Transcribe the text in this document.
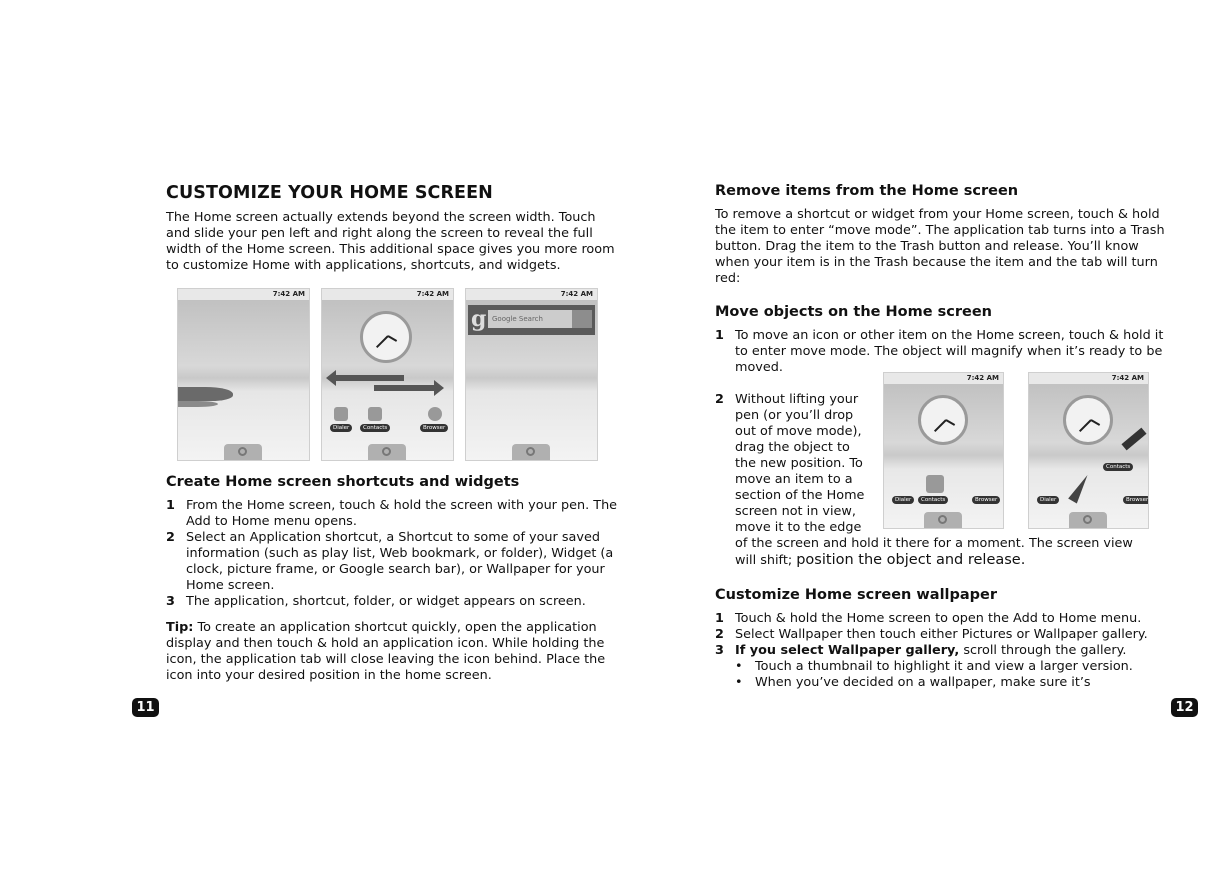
CUSTOMIZE YOUR HOME SCREEN

The Home screen actually extends beyond the screen width. Touch and slide your pen left and right along the screen to reveal the full width of the Home screen. This additional space gives you more room to customize Home with applications, shortcuts, and widgets.

7:42 AM	7:42 AM
Dialer	Contacts	Browser
7:42 AM
g Google Search
Create Home screen shortcuts and widgets
1 From the Home screen, touch & hold the screen with your pen. The Add to Home menu opens.
2 Select an Application shortcut, a Shortcut to some of your saved information (such as play list, Web bookmark, or folder), Widget (a clock, picture frame, or Google search bar), or Wallpaper for your Home screen.
3 The application, shortcut, folder, or widget appears on screen.

Tip: To create an application shortcut quickly, open the application display and then touch & hold an application icon. While holding the icon, the application tab will close leaving the icon behind. Place the icon into your desired position in the home screen.

11
Remove items from the Home screen

To remove a shortcut or widget from your Home screen, touch & hold the item to enter “move mode”. The application tab turns into a Trash button. Drag the item to the Trash button and release. You’ll know when your item is in the Trash because the item and the tab will turn red:

Move objects on the Home screen
1 To move an icon or other item on the Home screen, touch & hold it to enter move mode. The object will magnify when it’s ready to be moved.
2 Without lifting your
pen (or you’ll drop
out of move mode),
drag the object to
the new position. To
move an item to a
section of the Home
screen not in view,
move it to the edge
of the screen and hold it there for a moment. The screen view
will shift; position the object and release.
Customize Home screen wallpaper
1 Touch & hold the Home screen to open the Add to Home menu.
2 Select Wallpaper then touch either Pictures or Wallpaper gallery.
3 If you select Wallpaper gallery, scroll through the gallery.
• Touch a thumbnail to highlight it and view a larger version.
• When you’ve decided on a wallpaper, make sure it’s
7:42 AM
Dialer	Contacts	Browser
7:42 AM
Contacts
Dialer	Browser
12
